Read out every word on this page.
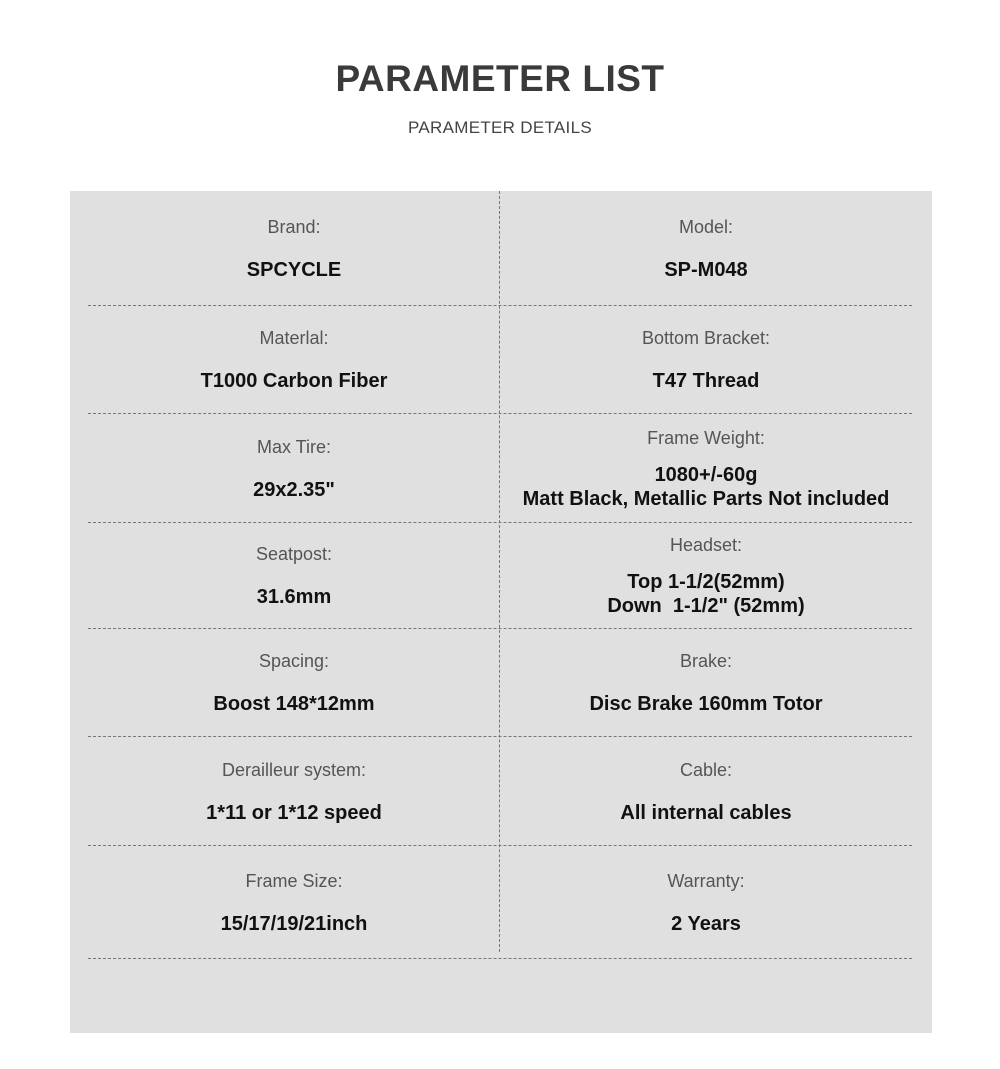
PARAMETER LIST
PARAMETER DETAILS
Brand:
SPCYCLE
Model:
SP-M048
Materlal:
T1000 Carbon Fiber
Bottom Bracket:
T47 Thread
Max Tire:
29x2.35"
Frame Weight:
1080+/-60g
Matt Black, Metallic Parts Not included
Seatpost:
31.6mm
Headset:
Top 1-1/2(52mm)
Down  1-1/2" (52mm)
Spacing:
Boost 148*12mm
Brake:
Disc Brake 160mm Totor
Derailleur system:
1*11 or 1*12 speed
Cable:
All internal cables
Frame Size:
15/17/19/21inch
Warranty:
2 Years
